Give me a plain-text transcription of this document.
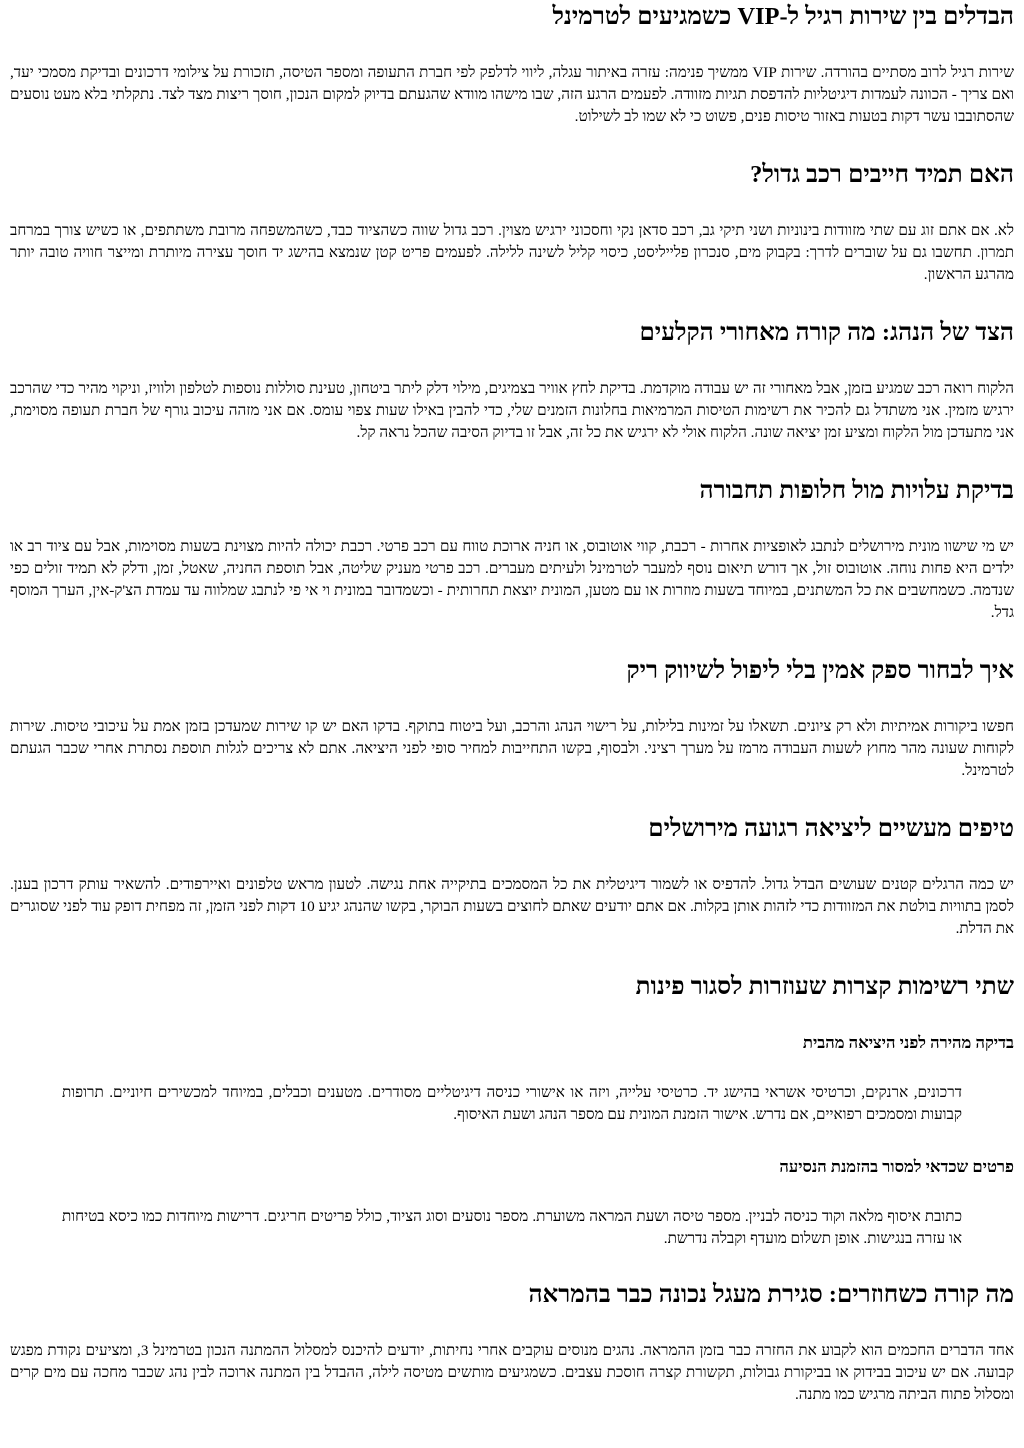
הבדלים בין שירות רגיל ל-VIP כשמגיעים לטרמינל

שירות רגיל לרוב מסתיים בהורדה. שירות VIP ממשיך פנימה: עזרה באיתור עגלה, ליווי לדלפק לפי חברת התעופה ומספר הטיסה, תזכורת על צילומי דרכונים ובדיקת מסמכי יעד, ואם צריך - הכוונה לעמדות דיגיטליות להדפסת תגיות מזוודה. לפעמים הרגע הזה, שבו מישהו מוודא שהגעתם בדיוק למקום הנכון, חוסך ריצות מצד לצד. נתקלתי בלא מעט נוסעים שהסתובבו עשר דקות בטעות באזור טיסות פנים, פשוט כי לא שמו לב לשילוט.

האם תמיד חייבים רכב גדול?

לא. אם אתם זוג עם שתי מזוודות בינוניות ושני תיקי גב, רכב סדאן נקי וחסכוני ירגיש מצוין. רכב גדול שווה כשהציוד כבד, כשהמשפחה מרובת משתתפים, או כשיש צורך במרחב תמרון. תחשבו גם על שוברים לדרך: בקבוק מים, סנכרון פלייליסט, כיסוי קליל לשינה ללילה. לפעמים פריט קטן שנמצא בהישג יד חוסך עצירה מיותרת ומייצר חוויה טובה יותר מהרגע הראשון.

הצד של הנהג: מה קורה מאחורי הקלעים

הלקוח רואה רכב שמגיע בזמן, אבל מאחורי זה יש עבודה מוקדמת. בדיקת לחץ אוויר בצמיגים, מילוי דלק ליתר ביטחון, טעינת סוללות נוספות לטלפון ולוויז, וניקוי מהיר כדי שהרכב ירגיש מזמין. אני משתדל גם להכיר את רשימות הטיסות המרמיאות בחלונות הזמנים שלי, כדי להבין באילו שעות צפוי עומס. אם אני מזהה עיכוב גורף של חברת תעופה מסוימת, אני מתעדכן מול הלקוח ומציע זמן יציאה שונה. הלקוח אולי לא ירגיש את כל זה, אבל זו בדיוק הסיבה שהכל נראה קל.

בדיקת עלויות מול חלופות תחבורה

יש מי שישוו מונית מירושלים לנתבג לאופציות אחרות - רכבת, קווי אוטובוס, או חניה ארוכת טווח עם רכב פרטי. רכבת יכולה להיות מצוינת בשעות מסוימות, אבל עם ציוד רב או ילדים היא פחות נוחה. אוטובוס זול, אך דורש תיאום נוסף למעבר לטרמינל ולעיתים מעברים. רכב פרטי מעניק שליטה, אבל תוספת החניה, שאטל, זמן, ודלק לא תמיד זולים כפי שנדמה. כשמחשבים את כל המשתנים, במיוחד בשעות מוזרות או עם מטען, המונית יוצאת תחרותית - וכשמדובר במונית וי אי פי לנתבג שמלווה עד עמדת הצ'ק-אין, הערך המוסף גדל.

איך לבחור ספק אמין בלי ליפול לשיווק ריק

חפשו ביקורות אמיתיות ולא רק ציונים. תשאלו על זמינות בלילות, על רישוי הנהג והרכב, ועל ביטוח בתוקף. בדקו האם יש קו שירות שמעדכן בזמן אמת על עיכובי טיסות. שירות לקוחות שעונה מהר מחוץ לשעות העבודה מרמז על מערך רציני. ולבסוף, בקשו התחייבות למחיר סופי לפני היציאה. אתם לא צריכים לגלות תוספת נסתרת אחרי שכבר הגעתם לטרמינל.

טיפים מעשיים ליציאה רגועה מירושלים

יש כמה הרגלים קטנים שעושים הבדל גדול. להדפיס או לשמור דיגיטלית את כל המסמכים בתיקייה אחת נגישה. לטעון מראש טלפונים ואיירפודים. להשאיר עותק דרכון בענן. לסמן בתוויות בולטת את המזוודות כדי לזהות אותן בקלות. אם אתם יודעים שאתם לחוצים בשעות הבוקר, בקשו שהנהג יגיע 10 דקות לפני הזמן, זה מפחית דופק עוד לפני שסוגרים את הדלת.

שתי רשימות קצרות שעוזרות לסגור פינות
בדיקה מהירה לפני היציאה מהבית

דרכונים, ארנקים, וכרטיסי אשראי בהישג יד. כרטיסי עלייה, ויזה או אישורי כניסה דיגיטליים מסודרים. מטענים וכבלים, במיוחד למכשירים חיוניים. תרופות קבועות ומסמכים רפואיים, אם נדרש. אישור הזמנת המונית עם מספר הנהג ושעת האיסוף.

פרטים שכדאי למסור בהזמנת הנסיעה

כתובת איסוף מלאה וקוד כניסה לבניין. מספר טיסה ושעת המראה משוערת. מספר נוסעים וסוג הציוד, כולל פריטים חריגים. דרישות מיוחדות כמו כיסא בטיחות או עזרה בנגישות. אופן תשלום מועדף וקבלה נדרשת.

מה קורה כשחוזרים: סגירת מעגל נכונה כבר בהמראה

אחד הדברים החכמים הוא לקבוע את החזרה כבר בזמן ההמראה. נהגים מנוסים עוקבים אחרי נחיתות, יודעים להיכנס למסלול ההמתנה הנכון בטרמינל 3, ומציעים נקודת מפגש קבועה. אם יש עיכוב בבידוק או בביקורת גבולות, תקשורת קצרה חוסכת עצבים. כשמגיעים מותשים מטיסה לילה, ההבדל בין המתנה ארוכה לבין נהג שכבר מחכה עם מים קרים ומסלול פתוח הביתה מרגיש כמו מתנה.
